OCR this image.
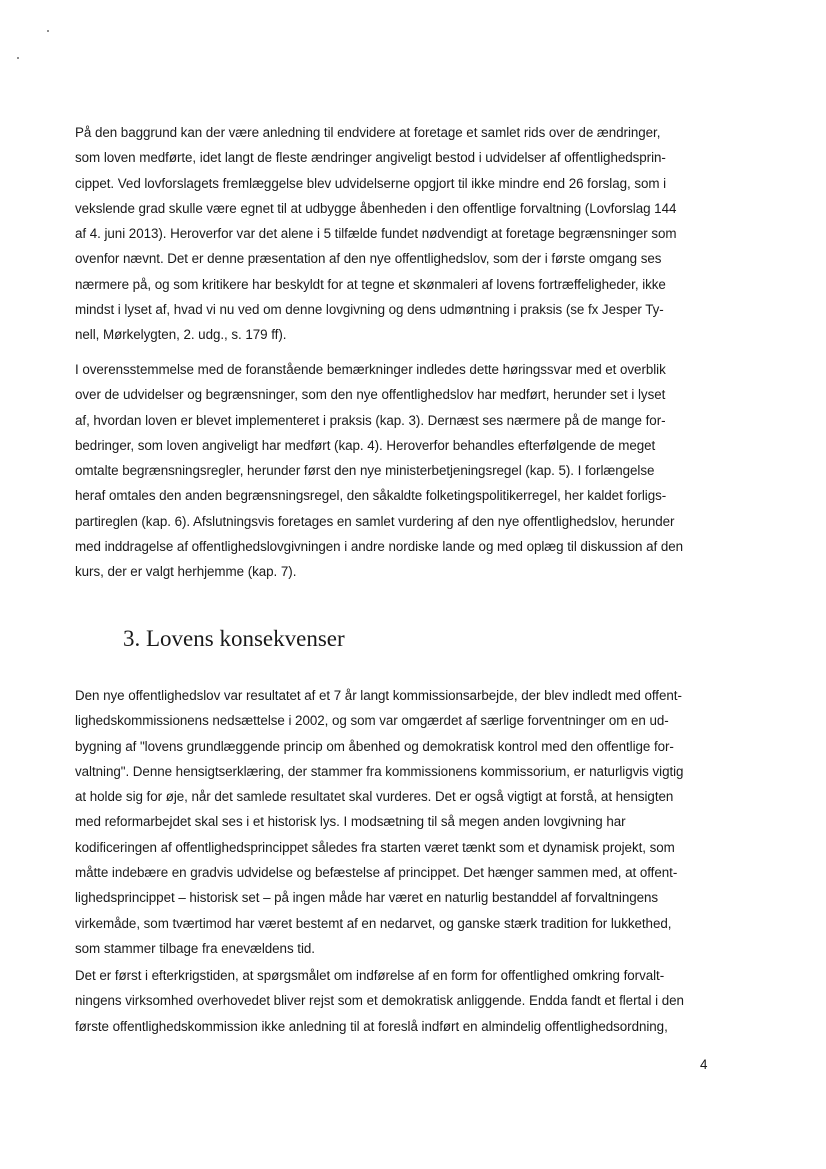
På den baggrund kan der være anledning til endvidere at foretage et samlet rids over de ændringer,
som loven medførte, idet langt de fleste ændringer angiveligt bestod i udvidelser af offentlighedsprin-
cippet. Ved lovforslagets fremlæggelse blev udvidelserne opgjort til ikke mindre end 26 forslag, som i
vekslende grad skulle være egnet til at udbygge åbenheden i den offentlige forvaltning (Lovforslag 144
af 4. juni 2013). Heroverfor var det alene i 5 tilfælde fundet nødvendigt at foretage begrænsninger som
ovenfor nævnt. Det er denne præsentation af den nye offentlighedslov, som der i første omgang ses
nærmere på, og som kritikere har beskyldt for at tegne et skønmaleri af lovens fortræffeligheder, ikke
mindst i lyset af, hvad vi nu ved om denne lovgivning og dens udmøntning i praksis (se fx Jesper Ty-
nell, Mørkelygten, 2. udg., s. 179 ff).
I overensstemmelse med de foranstående bemærkninger indledes dette høringssvar med et overblik
over de udvidelser og begrænsninger, som den nye offentlighedslov har medført, herunder set i lyset
af, hvordan loven er blevet implementeret i praksis (kap. 3). Dernæst ses nærmere på de mange for-
bedringer, som loven angiveligt har medført (kap. 4). Heroverfor behandles efterfølgende de meget
omtalte begrænsningsregler, herunder først den nye ministerbetjeningsregel (kap. 5). I forlængelse
heraf omtales den anden begrænsningsregel, den såkaldte folketingspolitikerregel, her kaldet forligs-
partireglen (kap. 6). Afslutningsvis foretages en samlet vurdering af den nye offentlighedslov, herunder
med inddragelse af offentlighedslovgivningen i andre nordiske lande og med oplæg til diskussion af den
kurs, der er valgt herhjemme (kap. 7).
3. Lovens konsekvenser
Den nye offentlighedslov var resultatet af et 7 år langt kommissionsarbejde, der blev indledt med offent-
lighedskommissionens nedsættelse i 2002, og som var omgærdet af særlige forventninger om en ud-
bygning af "lovens grundlæggende princip om åbenhed og demokratisk kontrol med den offentlige for-
valtning". Denne hensigtserklæring, der stammer fra kommissionens kommissorium, er naturligvis vigtig
at holde sig for øje, når det samlede resultatet skal vurderes. Det er også vigtigt at forstå, at hensigten
med reformarbejdet skal ses i et historisk lys. I modsætning til så megen anden lovgivning har
kodificeringen af offentlighedsprincippet således fra starten været tænkt som et dynamisk projekt, som
måtte indebære en gradvis udvidelse og befæstelse af princippet. Det hænger sammen med, at offent-
lighedsprincippet – historisk set – på ingen måde har været en naturlig bestanddel af forvaltningens
virkemåde, som tværtimod har været bestemt af en nedarvet, og ganske stærk tradition for lukkethed,
som stammer tilbage fra enevældens tid.
Det er først i efterkrigstiden, at spørgsmålet om indførelse af en form for offentlighed omkring forvalt-
ningens virksomhed overhovedet bliver rejst som et demokratisk anliggende. Endda fandt et flertal i den
første offentlighedskommission ikke anledning til at foreslå indført en almindelig offentlighedsordning,
4
